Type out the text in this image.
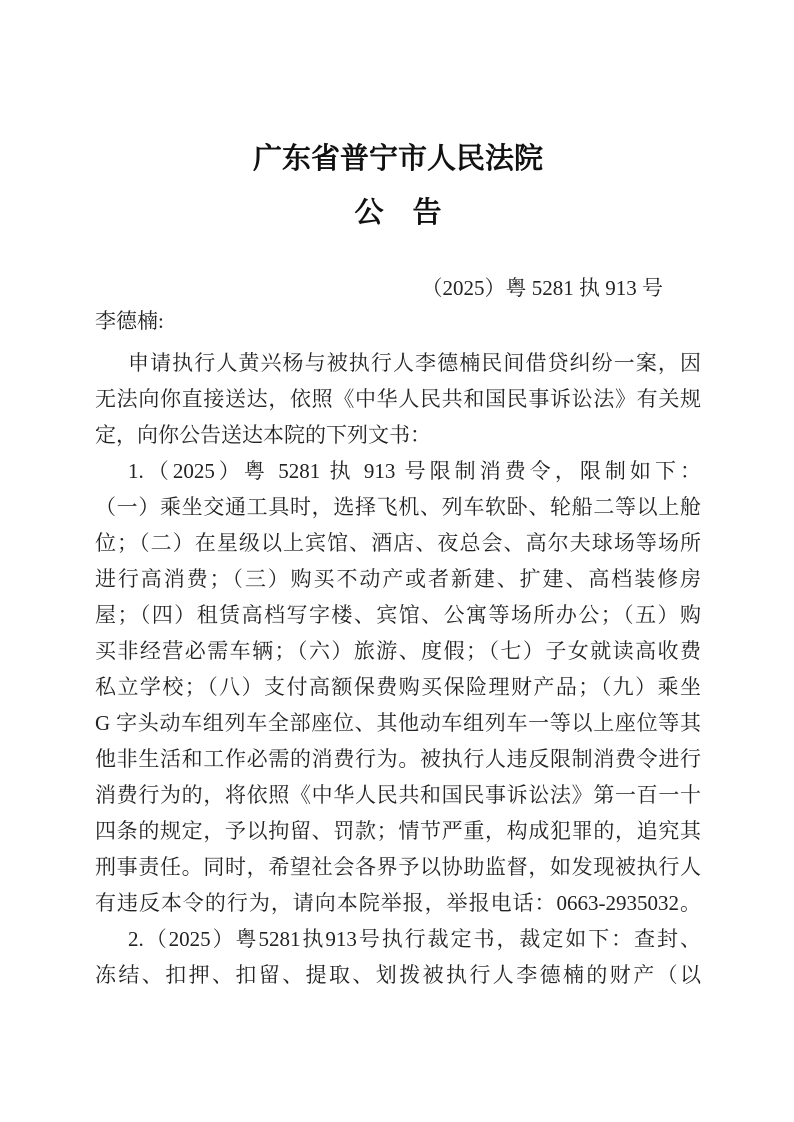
广东省普宁市人民法院
公　告
（2025）粤 5281 执 913 号
李德楠:
申请执行人黄兴杨与被执行人李德楠民间借贷纠纷一案，因
无法向你直接送达，依照《中华人民共和国民事诉讼法》有关规
定，向你公告送达本院的下列文书：
1.（2025）粤 5281 执 913 号限制消费令，限制如下：
（一）乘坐交通工具时，选择飞机、列车软卧、轮船二等以上舱
位；（二）在星级以上宾馆、酒店、夜总会、高尔夫球场等场所
进行高消费；（三）购买不动产或者新建、扩建、高档装修房
屋；（四）租赁高档写字楼、宾馆、公寓等场所办公；（五）购
买非经营必需车辆；（六）旅游、度假；（七）子女就读高收费
私立学校；（八）支付高额保费购买保险理财产品；（九）乘坐
G 字头动车组列车全部座位、其他动车组列车一等以上座位等其
他非生活和工作必需的消费行为。被执行人违反限制消费令进行
消费行为的，将依照《中华人民共和国民事诉讼法》第一百一十
四条的规定，予以拘留、罚款；情节严重，构成犯罪的，追究其
刑事责任。同时，希望社会各界予以协助监督，如发现被执行人
有违反本令的行为，请向本院举报，举报电话：0663-2935032。
2.（2025）粤5281执913号执行裁定书，裁定如下：查封、
冻结、扣押、扣留、提取、划拨被执行人李德楠的财产（以
